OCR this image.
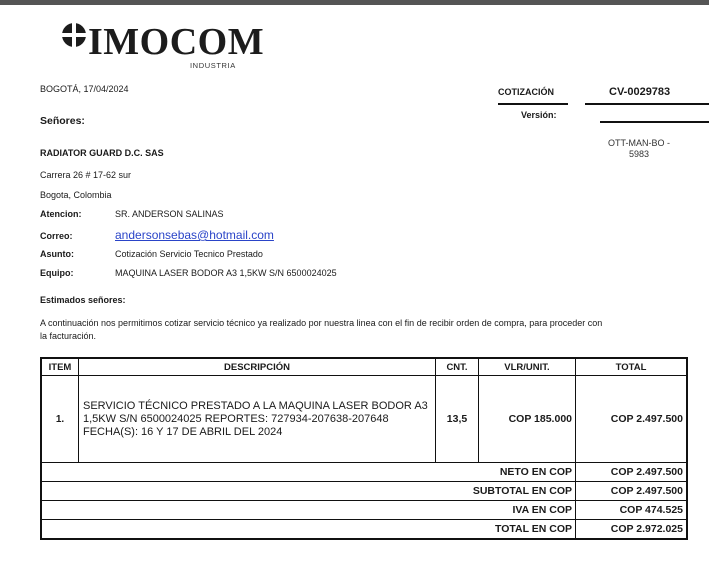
IMOCOM
INDUSTRIA
BOGOTÁ, 17/04/2024	COTIZACIÓN	CV-0029783
Versión:
Señores:
OTT-MAN-BO - 5983
RADIATOR GUARD D.C. SAS
Carrera 26 # 17-62 sur
Bogota, Colombia
Atencion:	SR. ANDERSON SALINAS
Correo:	andersonsebas@hotmail.com
Asunto:	Cotización Servicio Tecnico Prestado
Equipo:	MAQUINA LASER BODOR A3 1,5KW S/N 6500024025
Estimados señores:
A continuación nos permitimos cotizar servicio técnico ya realizado por nuestra linea con el fin de recibir orden de compra, para proceder con
la facturación.
ITEM	DESCRIPCIÓN	CNT.	VLR/UNIT.	TOTAL
1.	SERVICIO TÉCNICO PRESTADO A LA MAQUINA LASER BODOR A3 1,5KW S/N 6500024025 REPORTES: 727934-207638-207648 FECHA(S): 16 Y 17 DE ABRIL DEL 2024	13,5	COP 185.000	COP 2.497.500
NETO EN COP				COP 2.497.500
SUBTOTAL EN COP				COP 2.497.500
IVA EN COP				COP 474.525
TOTAL EN COP				COP 2.972.025
